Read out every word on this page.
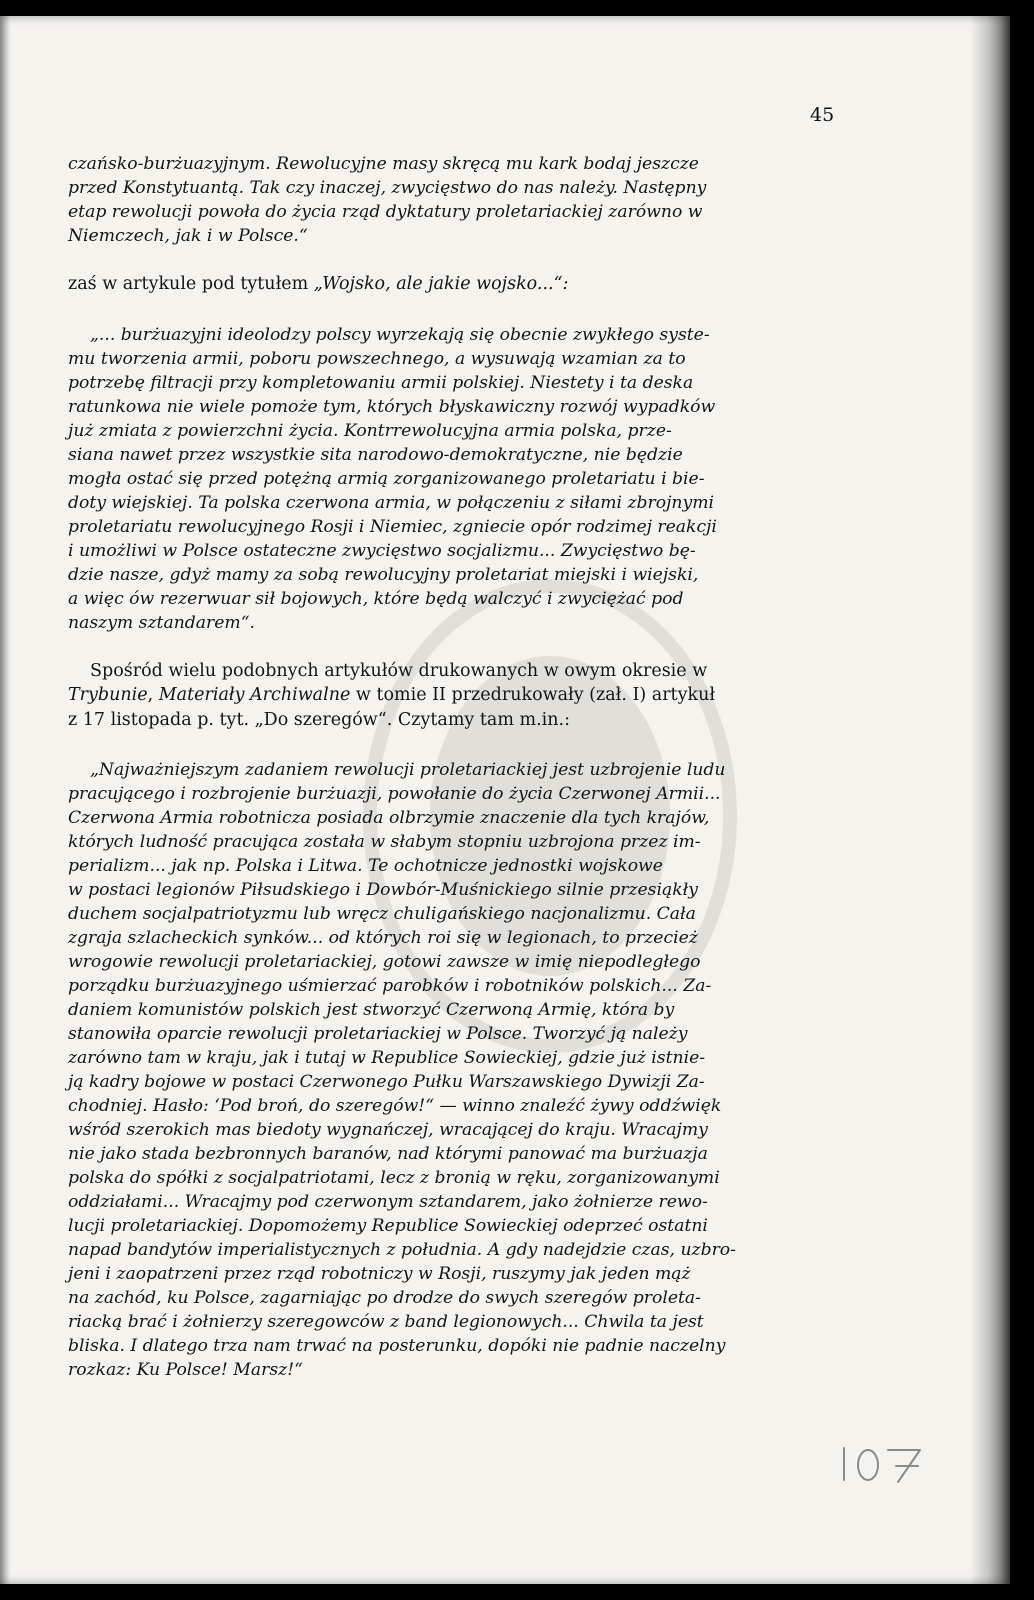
45

czańsko-burżuazyjnym. Rewolucyjne masy skręcą mu kark bodaj jeszcze
przed Konstytuantą. Tak czy inaczej, zwycięstwo do nas należy. Następny
etap rewolucji powoła do życia rząd dyktatury proletariackiej zarówno w
Niemczech, jak i w Polsce.“

zaś w artykule pod tytułem „Wojsko, ale jakie wojsko...“:

„... burżuazyjni ideolodzy polscy wyrzekają się obecnie zwykłego syste-
mu tworzenia armii, poboru powszechnego, a wysuwają wzamian za to
potrzebę filtracji przy kompletowaniu armii polskiej. Niestety i ta deska
ratunkowa nie wiele pomoże tym, których błyskawiczny rozwój wypadków
już zmiata z powierzchni życia. Kontrrewolucyjna armia polska, prze-
siana nawet przez wszystkie sita narodowo-demokratyczne, nie będzie
mogła ostać się przed potężną armią zorganizowanego proletariatu i bie-
doty wiejskiej. Ta polska czerwona armia, w połączeniu z siłami zbrojnymi
proletariatu rewolucyjnego Rosji i Niemiec, zgniecie opór rodzimej reakcji
i umożliwi w Polsce ostateczne zwycięstwo socjalizmu... Zwycięstwo bę-
dzie nasze, gdyż mamy za sobą rewolucyjny proletariat miejski i wiejski,
a więc ów rezerwuar sił bojowych, które będą walczyć i zwyciężać pod
naszym sztandarem“.

Spośród wielu podobnych artykułów drukowanych w owym okresie w
Trybunie, Materiały Archiwalne w tomie II przedrukowały (zał. I) artykuł
z 17 listopada p. tyt. „Do szeregów“. Czytamy tam m.in.:

„Najważniejszym zadaniem rewolucji proletariackiej jest uzbrojenie ludu
pracującego i rozbrojenie burżuazji, powołanie do życia Czerwonej Armii...
Czerwona Armia robotnicza posiada olbrzymie znaczenie dla tych krajów,
których ludność pracująca została w słabym stopniu uzbrojona przez im-
perializm... jak np. Polska i Litwa. Te ochotnicze jednostki wojskowe
w postaci legionów Piłsudskiego i Dowbór-Muśnickiego silnie przesiąkły
duchem socjalpatriotyzmu lub wręcz chuligańskiego nacjonalizmu. Cała
zgraja szlacheckich synków... od których roi się w legionach, to przecież
wrogowie rewolucji proletariackiej, gotowi zawsze w imię niepodległego
porządku burżuazyjnego uśmierzać parobków i robotników polskich... Za-
daniem komunistów polskich jest stworzyć Czerwoną Armię, która by
stanowiła oparcie rewolucji proletariackiej w Polsce. Tworzyć ją należy
zarówno tam w kraju, jak i tutaj w Republice Sowieckiej, gdzie już istnie-
ją kadry bojowe w postaci Czerwonego Pułku Warszawskiego Dywizji Za-
chodniej. Hasło: ‘Pod broń, do szeregów!“ — winno znaleźć żywy oddźwięk
wśród szerokich mas biedoty wygnańczej, wracającej do kraju. Wracajmy
nie jako stada bezbronnych baranów, nad którymi panować ma burżuazja
polska do spółki z socjalpatriotami, lecz z bronią w ręku, zorganizowanymi
oddziałami... Wracajmy pod czerwonym sztandarem, jako żołnierze rewo-
lucji proletariackiej. Dopomożemy Republice Sowieckiej odeprzeć ostatni
napad bandytów imperialistycznych z południa. A gdy nadejdzie czas, uzbro-
jeni i zaopatrzeni przez rząd robotniczy w Rosji, ruszymy jak jeden mąż
na zachód, ku Polsce, zagarniając po drodze do swych szeregów proleta-
riacką brać i żołnierzy szeregowców z band legionowych... Chwila ta jest
bliska. I dlatego trza nam trwać na posterunku, dopóki nie padnie naczelny
rozkaz: Ku Polsce! Marsz!“
